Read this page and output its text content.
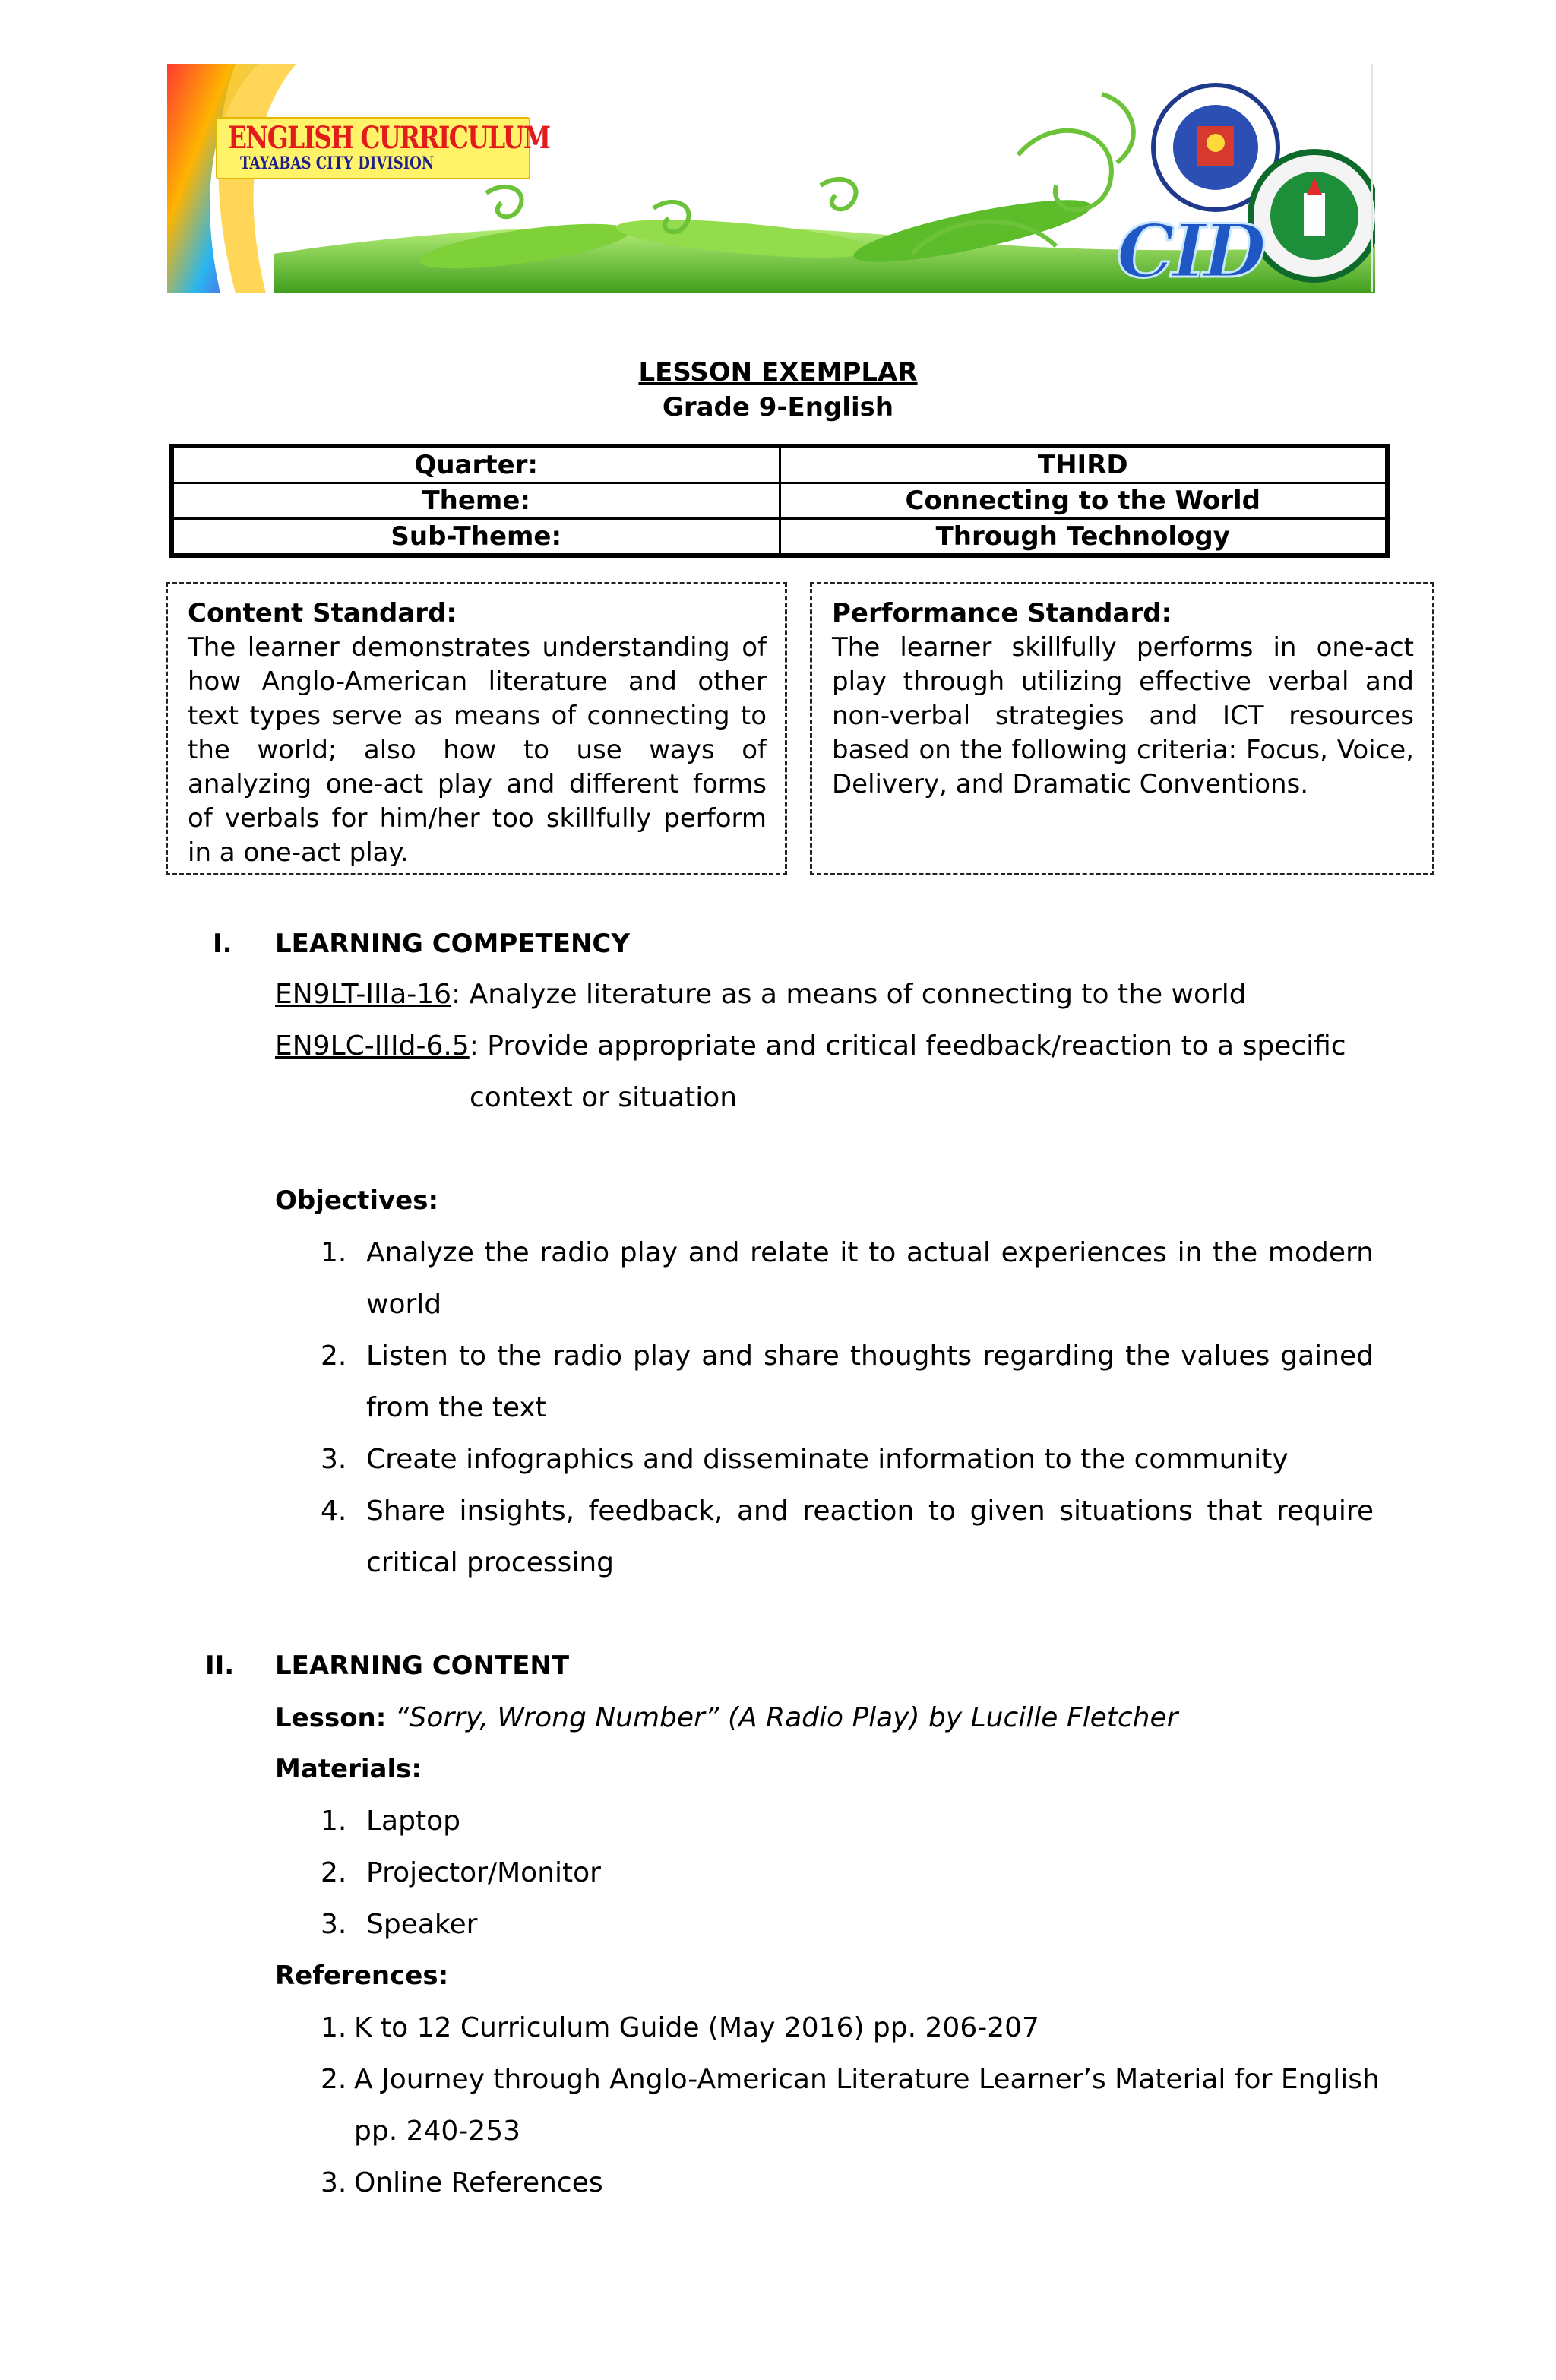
ENGLISH CURRICULUM
TAYABAS CITY DIVISION
CID
LESSON EXEMPLAR
Grade 9-English
Quarter:	THIRD
Theme:	Connecting to the World
Sub-Theme:	Through Technology
Content Standard:
The learner demonstrates understanding of how Anglo-American literature and other text types serve as means of connecting to the world; also how to use ways of analyzing one-act play and different forms of verbals for him/her too skillfully perform in a one-act play.
Performance Standard:
The learner skillfully performs in one-act play through utilizing effective verbal and non-verbal strategies and ICT resources based on the following criteria: Focus, Voice, Delivery, and Dramatic Conventions.
I. LEARNING COMPETENCY
EN9LT-IIIa-16: Analyze literature as a means of connecting to the world
EN9LC-IIId-6.5: Provide appropriate and critical feedback/reaction to a specific
context or situation
Objectives:
1. Analyze the radio play and relate it to actual experiences in the modern
world
2. Listen to the radio play and share thoughts regarding the values gained
from the text
3. Create infographics and disseminate information to the community
4. Share insights, feedback, and reaction to given situations that require
critical processing
II. LEARNING CONTENT
Lesson: “Sorry, Wrong Number” (A Radio Play) by Lucille Fletcher
Materials:
1. Laptop
2. Projector/Monitor
3. Speaker
References:
1. K to 12 Curriculum Guide (May 2016) pp. 206-207
2. A Journey through Anglo-American Literature Learner’s Material for English
pp. 240-253
3. Online References
